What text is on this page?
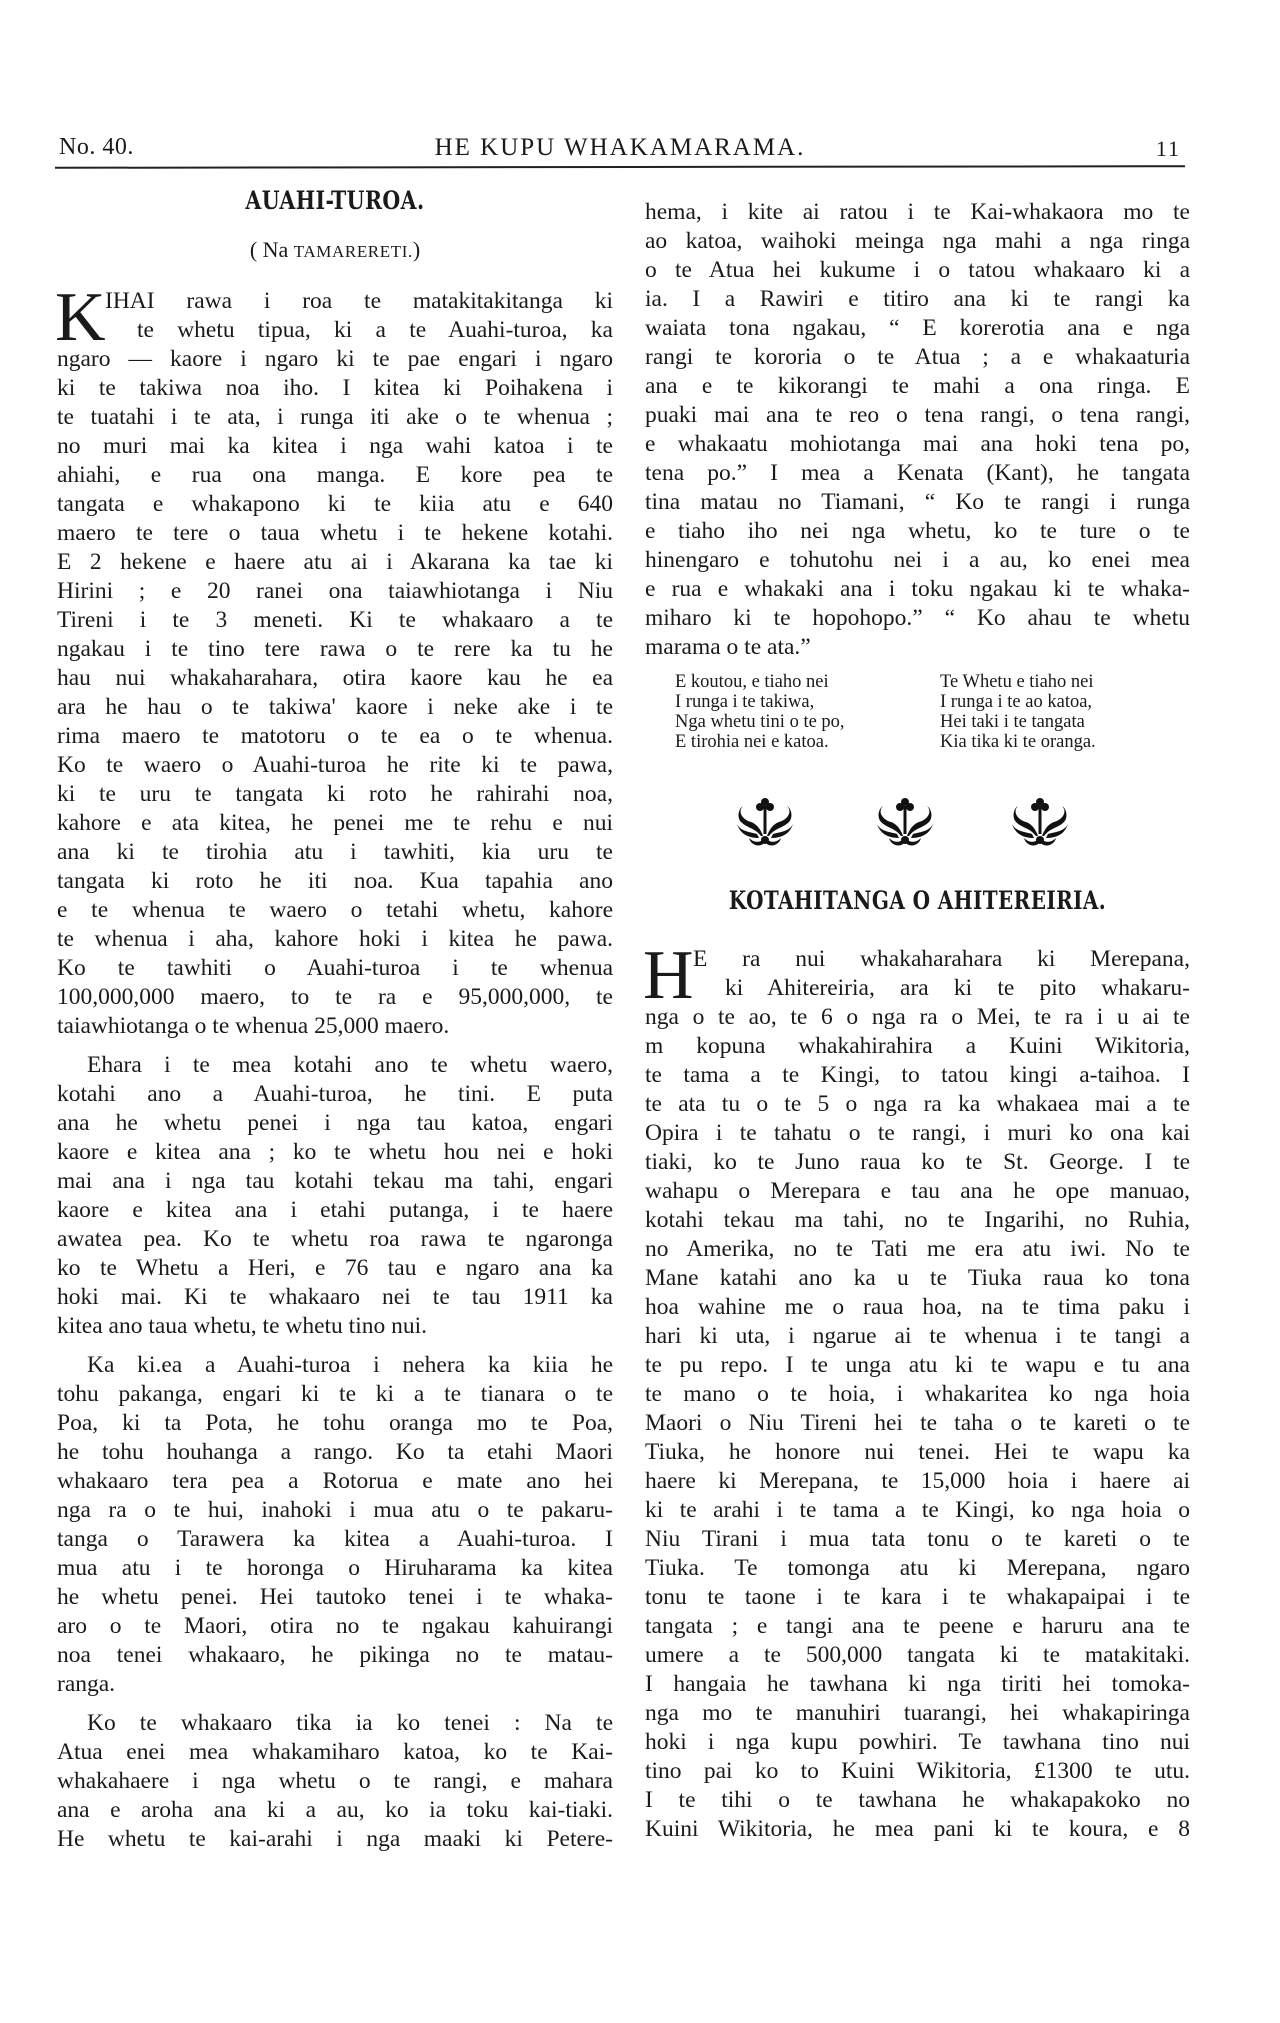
No. 40.	HE KUPU WHAKAMARAMA.	11
AUAHI-TUROA.
( Na TAMARERETI.)
K IHAI rawa i roa te matakitakitanga ki
te whetu tipua, ki a te Auahi-turoa, ka
ngaro — kaore i ngaro ki te pae engari i ngaro
ki te takiwa noa iho. I kitea ki Poihakena i
te tuatahi i te ata, i runga iti ake o te whenua ;
no muri mai ka kitea i nga wahi katoa i te
ahiahi, e rua ona manga. E kore pea te
tangata e whakapono ki te kiia atu e 640
maero te tere o taua whetu i te hekene kotahi.
E 2 hekene e haere atu ai i Akarana ka tae ki
Hirini ; e 20 ranei ona taiawhiotanga i Niu
Tireni i te 3 meneti. Ki te whakaaro a te
ngakau i te tino tere rawa o te rere ka tu he
hau nui whakaharahara, otira kaore kau he ea
ara he hau o te takiwa' kaore i neke ake i te
rima maero te matotoru o te ea o te whenua.
Ko te waero o Auahi-turoa he rite ki te pawa,
ki te uru te tangata ki roto he rahirahi noa,
kahore e ata kitea, he penei me te rehu e nui
ana ki te tirohia atu i tawhiti, kia uru te
tangata ki roto he iti noa. Kua tapahia ano
e te whenua te waero o tetahi whetu, kahore
te whenua i aha, kahore hoki i kitea he pawa.
Ko te tawhiti o Auahi-turoa i te whenua
100,000,000 maero, to te ra e 95,000,000, te
taiawhiotanga o te whenua 25,000 maero.
Ehara i te mea kotahi ano te whetu waero,
kotahi ano a Auahi-turoa, he tini. E puta
ana he whetu penei i nga tau katoa, engari
kaore e kitea ana ; ko te whetu hou nei e hoki
mai ana i nga tau kotahi tekau ma tahi, engari
kaore e kitea ana i etahi putanga, i te haere
awatea pea. Ko te whetu roa rawa te ngaronga
ko te Whetu a Heri, e 76 tau e ngaro ana ka
hoki mai. Ki te whakaaro nei te tau 1911 ka
kitea ano taua whetu, te whetu tino nui.
Ka ki.ea a Auahi-turoa i nehera ka kiia he
tohu pakanga, engari ki te ki a te tianara o te
Poa, ki ta Pota, he tohu oranga mo te Poa,
he tohu houhanga a rango. Ko ta etahi Maori
whakaaro tera pea a Rotorua e mate ano hei
nga ra o te hui, inahoki i mua atu o te pakaru-
tanga o Tarawera ka kitea a Auahi-turoa. I
mua atu i te horonga o Hiruharama ka kitea
he whetu penei. Hei tautoko tenei i te whaka-
aro o te Maori, otira no te ngakau kahuirangi
noa tenei whakaaro, he pikinga no te matau-
ranga.
Ko te whakaaro tika ia ko tenei : Na te
Atua enei mea whakamiharo katoa, ko te Kai-
whakahaere i nga whetu o te rangi, e mahara
ana e aroha ana ki a au, ko ia toku kai-tiaki.
He whetu te kai-arahi i nga maaki ki Petere-
hema, i kite ai ratou i te Kai-whakaora mo te
ao katoa, waihoki meinga nga mahi a nga ringa
o te Atua hei kukume i o tatou whakaaro ki a
ia. I a Rawiri e titiro ana ki te rangi ka
waiata tona ngakau, “ E korerotia ana e nga
rangi te kororia o te Atua ; a e whakaaturia
ana e te kikorangi te mahi a ona ringa. E
puaki mai ana te reo o tena rangi, o tena rangi,
e whakaatu mohiotanga mai ana hoki tena po,
tena po.” I mea a Kenata (Kant), he tangata
tina matau no Tiamani, “ Ko te rangi i runga
e tiaho iho nei nga whetu, ko te ture o te
hinengaro e tohutohu nei i a au, ko enei mea
e rua e whakaki ana i toku ngakau ki te whaka-
miharo ki te hopohopo.” “ Ko ahau te whetu
marama o te ata.”
E koutou, e tiaho nei
I runga i te takiwa,
Nga whetu tini o te po,
E tirohia nei e katoa.
Te Whetu e tiaho nei
I runga i te ao katoa,
Hei taki i te tangata
Kia tika ki te oranga.
KOTAHITANGA O AHITEREIRIA.
H E ra nui whakaharahara ki Merepana,
ki Ahitereiria, ara ki te pito whakaru-
nga o te ao, te 6 o nga ra o Mei, te ra i u ai te
m kopuna whakahirahira a Kuini Wikitoria,
te tama a te Kingi, to tatou kingi a-taihoa. I
te ata tu o te 5 o nga ra ka whakaea mai a te
Opira i te tahatu o te rangi, i muri ko ona kai
tiaki, ko te Juno raua ko te St. George. I te
wahapu o Merepara e tau ana he ope manuao,
kotahi tekau ma tahi, no te Ingarihi, no Ruhia,
no Amerika, no te Tati me era atu iwi. No te
Mane katahi ano ka u te Tiuka raua ko tona
hoa wahine me o raua hoa, na te tima paku i
hari ki uta, i ngarue ai te whenua i te tangi a
te pu repo. I te unga atu ki te wapu e tu ana
te mano o te hoia, i whakaritea ko nga hoia
Maori o Niu Tireni hei te taha o te kareti o te
Tiuka, he honore nui tenei. Hei te wapu ka
haere ki Merepana, te 15,000 hoia i haere ai
ki te arahi i te tama a te Kingi, ko nga hoia o
Niu Tirani i mua tata tonu o te kareti o te
Tiuka. Te tomonga atu ki Merepana, ngaro
tonu te taone i te kara i te whakapaipai i te
tangata ; e tangi ana te peene e haruru ana te
umere a te 500,000 tangata ki te matakitaki.
I hangaia he tawhana ki nga tiriti hei tomoka-
nga mo te manuhiri tuarangi, hei whakapiringa
hoki i nga kupu powhiri. Te tawhana tino nui
tino pai ko to Kuini Wikitoria, £1300 te utu.
I te tihi o te tawhana he whakapakoko no
Kuini Wikitoria, he mea pani ki te koura, e 8
